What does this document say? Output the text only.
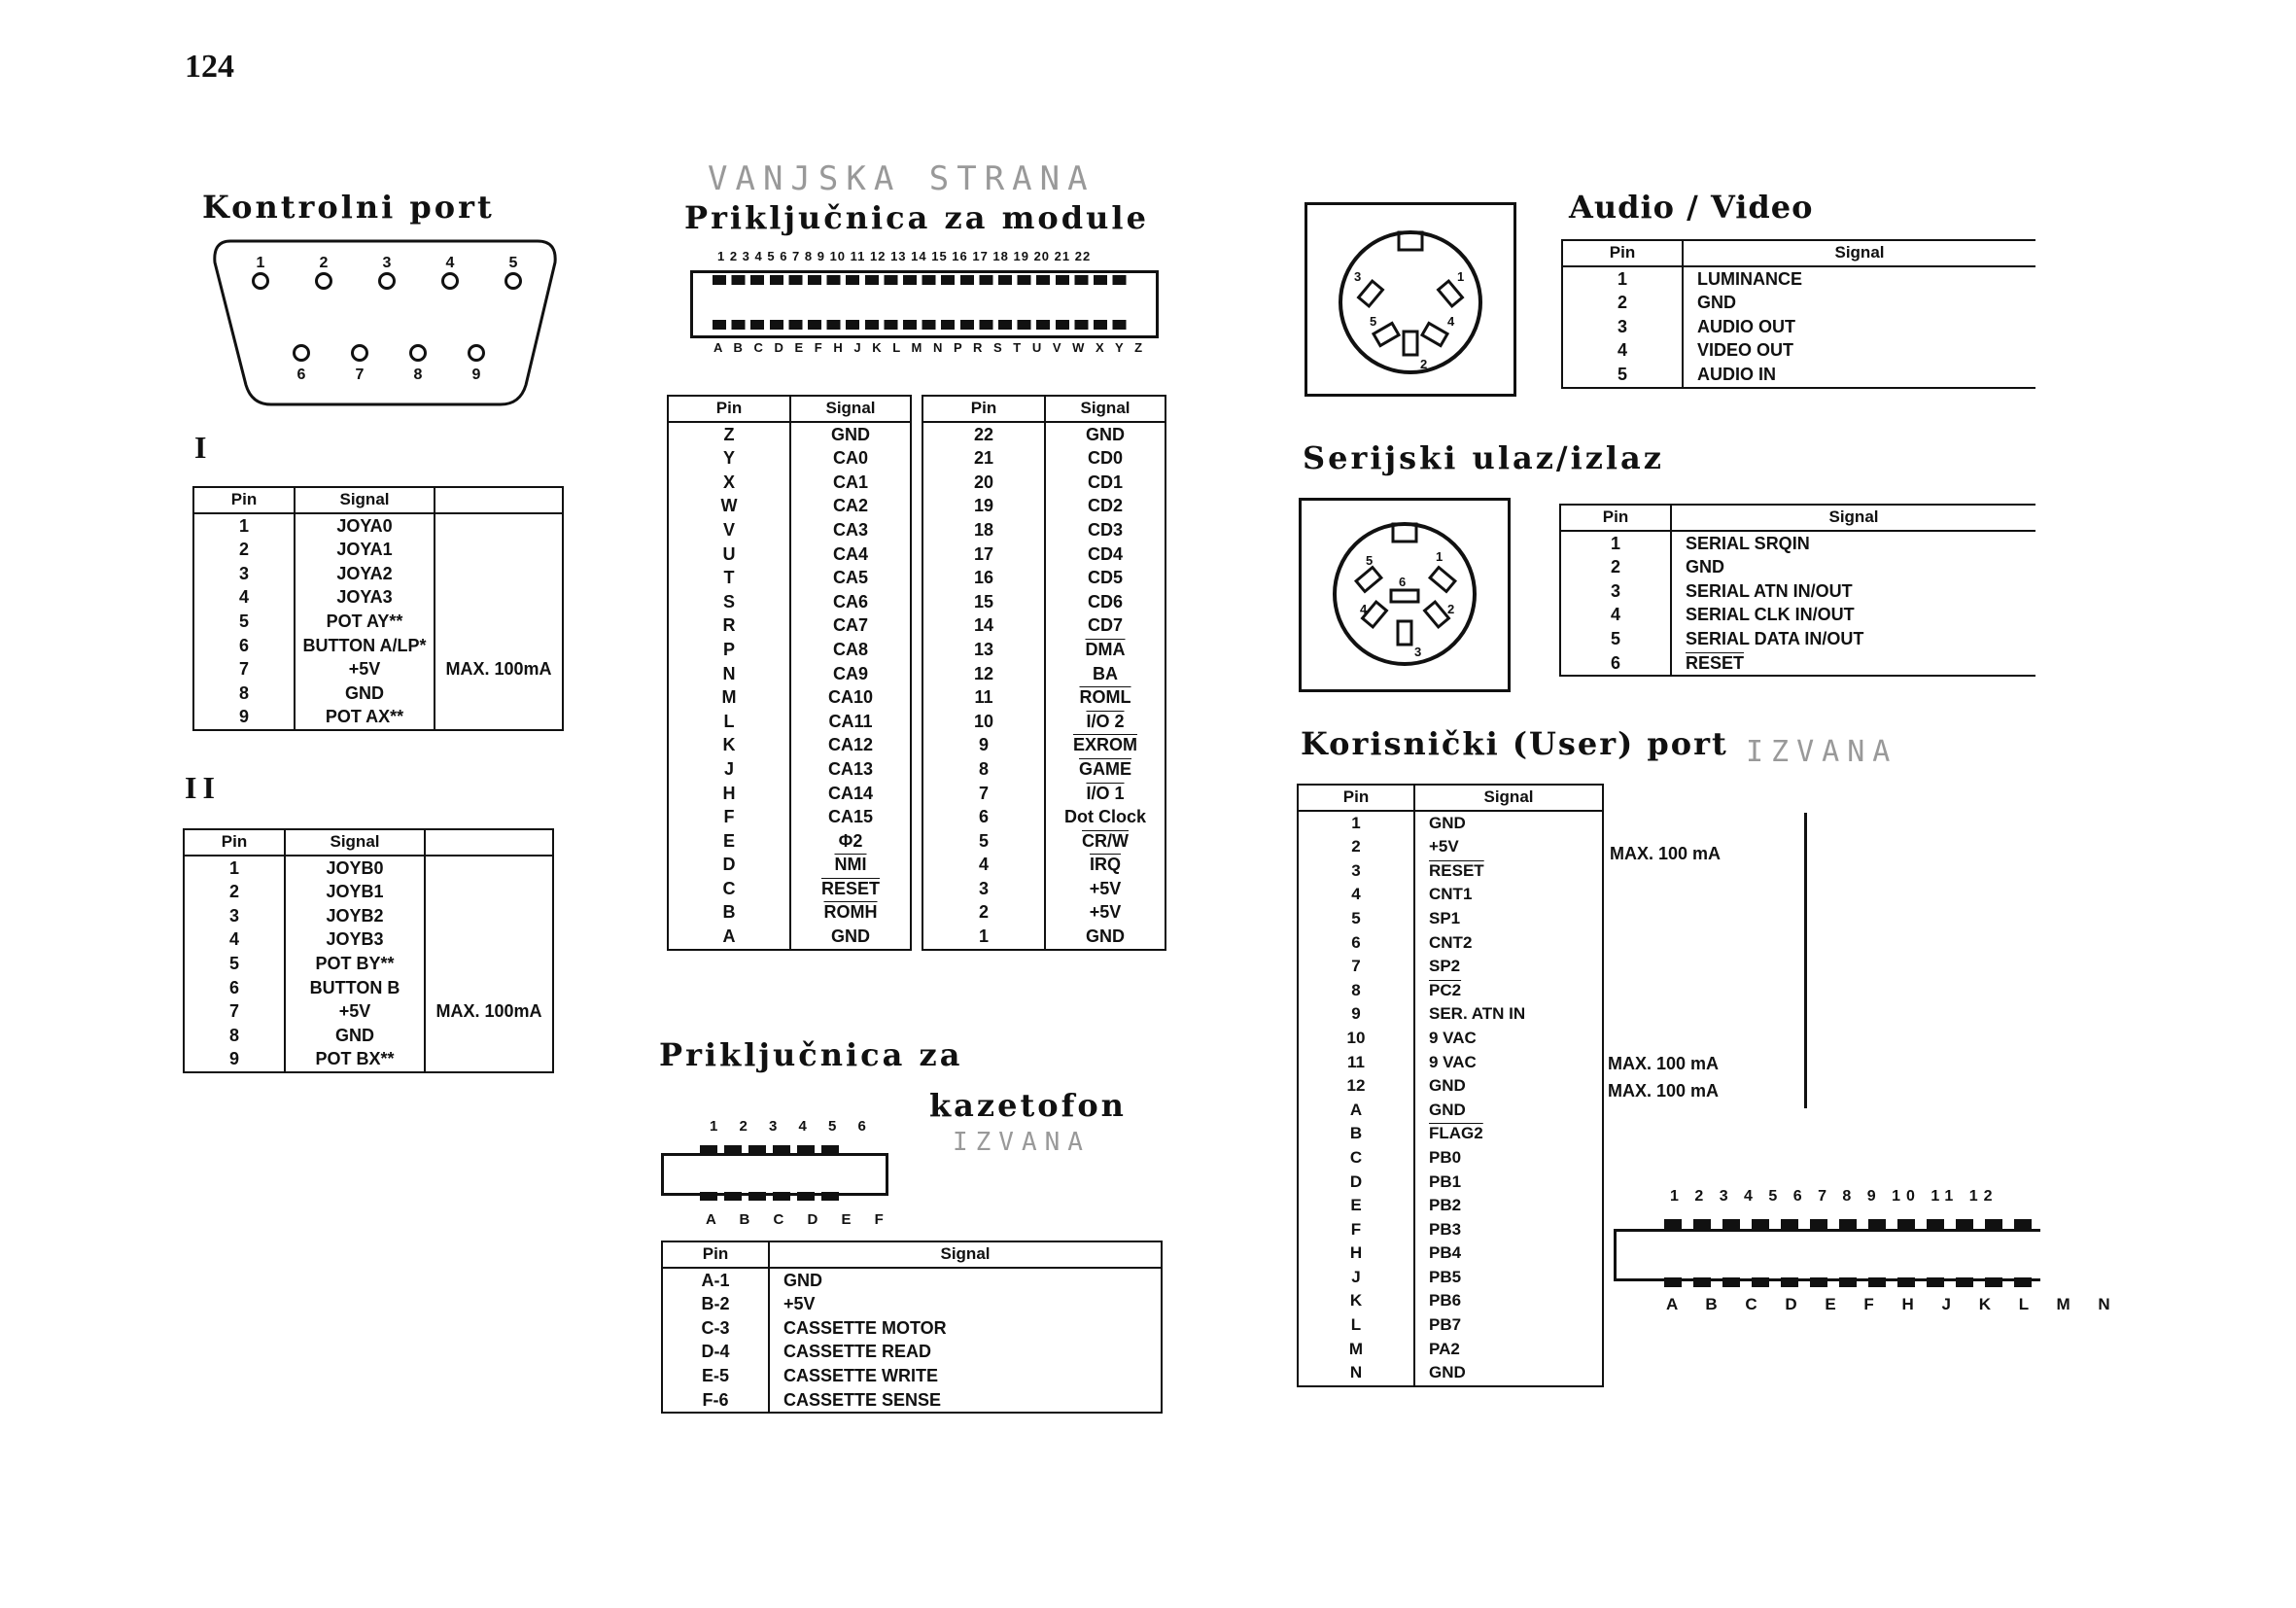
124
Kontrolni port
1	2	3	4	5
6	7	8	9
I
Pin	Signal	
1	JOYA0	
2	JOYA1	
3	JOYA2	
4	JOYA3	
5	POT AY**	
6	BUTTON A/LP*	
7	+5V	MAX. 100mA
8	GND	
9	POT AX**	
II
Pin	Signal	
1	JOYB0	
2	JOYB1	
3	JOYB2	
4	JOYB3	
5	POT BY**	
6	BUTTON B	
7	+5V	MAX. 100mA
8	GND	
9	POT BX**	
VANJSKA STRANA
Priključnica za module
1 2 3 4 5 6 7 8 9 10 11 12 13 14 15 16 17 18 19 20 21 22
A B C D E F H J K L M N P R S T U V W X Y Z
Pin	Signal
Z	GND
Y	CA0
X	CA1
W	CA2
V	CA3
U	CA4
T	CA5
S	CA6
R	CA7
P	CA8
N	CA9
M	CA10
L	CA11
K	CA12
J	CA13
H	CA14
F	CA15
E	Φ2
D	$\overline{NMI}$
C	RESET
B	ROMH
A	GND
Pin	Signal
22	GND
21	CD0
20	CD1
19	CD2
18	CD3
17	CD4
16	CD5
15	CD6
14	CD7
13	$\overline{DMA}$
12	BA
11	ROML
10	I/O 2
9	EXROM
8	GAME
7	I/O 1
6	Dot Clock
5	CR/W
4	$\overline{IRQ}$
3	+5V
2	+5V
1	GND
Priključnica za
kazetofon
IZVANA
1 2 3 4 5 6
A B C D E F
Pin	Signal
A-1	GND
B-2	+5V
C-3	CASSETTE MOTOR
D-4	CASSETTE READ
E-5	CASSETTE WRITE
F-6	CASSETTE SENSE
3	1
5	4
2
Audio / Video
Pin	Signal
1	LUMINANCE
2	GND
3	AUDIO OUT
4	VIDEO OUT
5	AUDIO IN
Serijski ulaz/izlaz
5	1
4	2
3
6
Pin	Signal
1	SERIAL SRQIN
2	GND
3	SERIAL ATN IN/OUT
4	SERIAL CLK IN/OUT
5	SERIAL DATA IN/OUT
6	RESET
Korisnički (User) port IZVANA
Pin	Signal
1	GND
2	+5V
3	RESET
4	CNT1
5	SP1
6	CNT2
7	SP2
8	PC2
9	SER. ATN IN
10	9 VAC
11	9 VAC
12	GND
A	GND
B	FLAG2
C	PB0
D	PB1
E	PB2
F	PB3
H	PB4
J	PB5
K	PB6
L	PB7
M	PA2
N	GND
MAX. 100 mA
MAX. 100 mA
MAX. 100 mA
1 2 3 4 5 6 7 8 9 10 11 12
A B C D E F H J K L M N
